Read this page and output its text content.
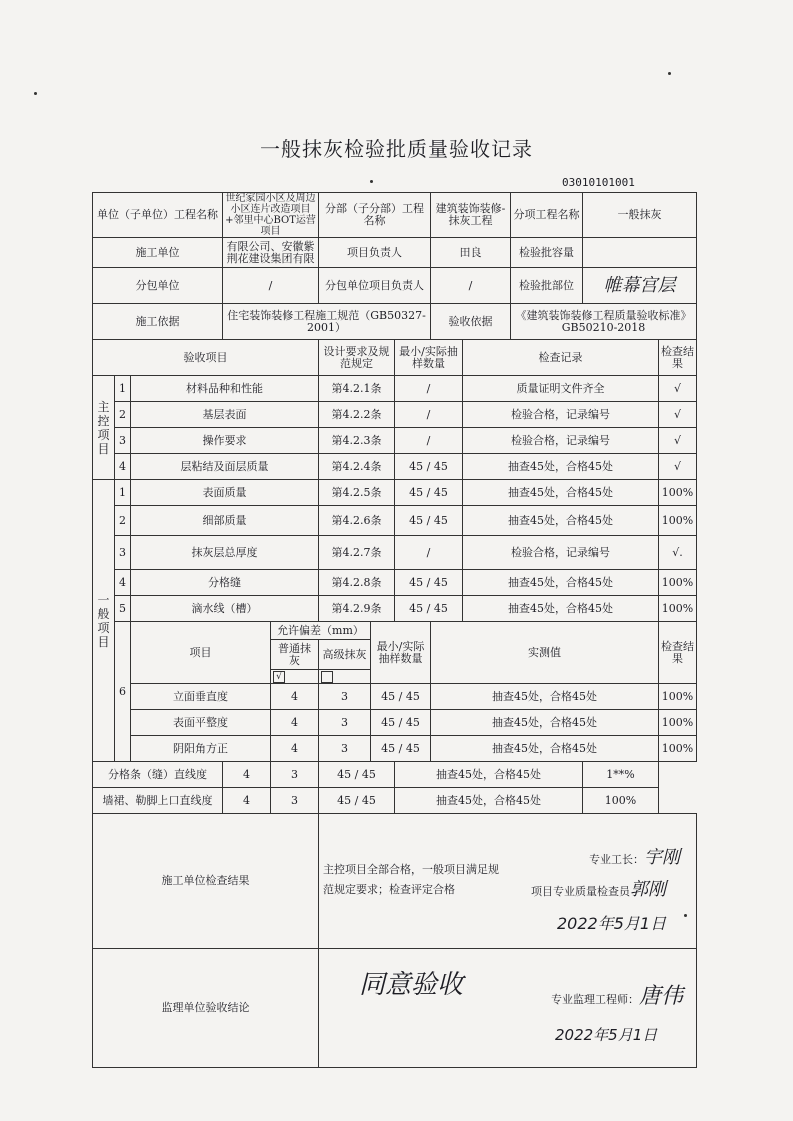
一般抹灰检验批质量验收记录
03010101001
单位（子单位）工程名称			世纪家园小区及周边小区连片改造项目+邻里中心BOT运营项目		分部（子分部）工程名称			建筑装饰装修-抹灰工程		分项工程名称	一般抹灰	
施工单位			有限公司、安徽紫荆花建设集团有限		项目负责人			田良		检验批容量		
分包单位			/		分包单位项目负责人			/		检验批部位	帷幕宫层	
施工依据			住宅装饰装修工程施工规范（GB50327-2001）					验收依据		《建筑装饰装修工程质量验收标准》GB50210-2018		
验收项目					设计要求及规范规定		最小/实际抽样数量		检查记录			检查结果
主控项目	1	材料品种和性能			第4.2.1条		/		质量证明文件齐全			√
	2	基层表面			第4.2.2条		/		检验合格，记录编号			√
	3	操作要求			第4.2.3条		/		检验合格，记录编号			√
	4	层粘结及面层质量			第4.2.4条		45 / 45		抽查45处，合格45处			√
一般项目	1	表面质量			第4.2.5条		45 / 45		抽查45处，合格45处			100%
	2	细部质量			第4.2.6条		45 / 45		抽查45处，合格45处			100%
	3	抹灰层总厚度			第4.2.7条		/		检验合格，记录编号			√.
	4	分格缝			第4.2.8条		45 / 45		抽查45处，合格45处			100%
	5	滴水线（槽）			第4.2.9条		45 / 45		抽查45处，合格45处			100%
	6	项目		允许偏差（mm）		最小/实际抽样数量		实测值				检查结果
				普通抹灰	高级抹灰							
				√								
		立面垂直度		4	3	45 / 45		抽查45处，合格45处				100%
		表面平整度		4	3	45 / 45		抽查45处，合格45处				100%
		阴阳角方正		4	3	45 / 45		抽查45处，合格45处				100%
分格条（缝）直线度			4	3	45 / 45		抽查45处，合格45处				1**%	
墙裙、勒脚上口直线度			4	3	45 / 45		抽查45处，合格45处				100%	
施工单位检查结果					主控项目全部合格，一般项目满足规范规定要求；检查评定合格
专业工长：宇刚
项目专业质量检查员郭刚
2022年5月1日							

监理单位验收结论					同意验收 专业监理工程师：唐伟
2022年5月1日							
